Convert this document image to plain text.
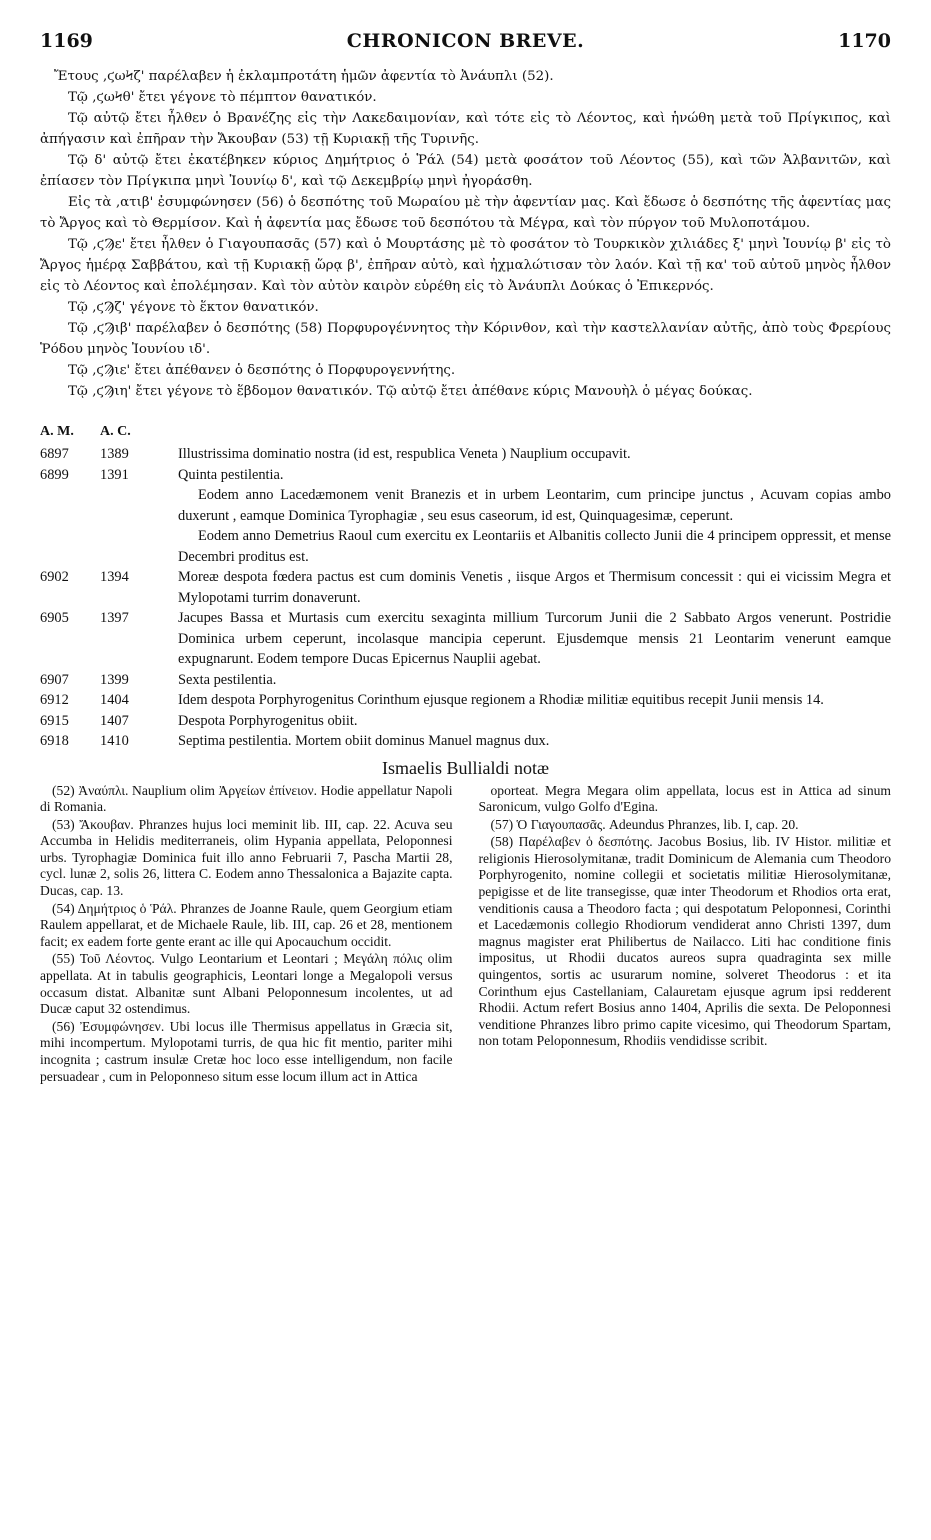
1169	CHRONICON BREVE.	1170

Ἔτους ‚ϛωϞζ' παρέλαβεν ἡ ἐκλαμπροτάτη ἡμῶν ἀφεντία τὸ Ἀνάυπλι (52).

Τῷ ‚ϛωϞθ' ἔτει γέγονε τὸ πέμπτον θανατικόν.

Τῷ αὐτῷ ἔτει ἦλθεν ὁ Βρανέζης εἰς τὴν Λακεδαιμονίαν, καὶ τότε εἰς τὸ Λέοντος, καὶ ἡνώθη μετὰ τοῦ Πρίγκιπος, καὶ ἀπήγασιν καὶ ἐπῆραν τὴν Ἄκουβαν (53) τῇ Κυριακῇ τῆς Τυρινῆς.

Τῷ δ' αὐτῷ ἔτει ἐκατέβηκεν κύριος Δημήτριος ὁ Ῥάλ (54) μετὰ φοσάτον τοῦ Λέοντος (55), καὶ τῶν Ἀλβανιτῶν, καὶ ἐπίασεν τὸν Πρίγκιπα μηνὶ Ἰουνίῳ δ', καὶ τῷ Δεκεμβρίῳ μηνὶ ἠγοράσθη.

Εἰς τὰ ‚ατιβ' ἐσυμφώνησεν (56) ὁ δεσπότης τοῦ Μωραίου μὲ τὴν ἀφεντίαν μας. Καὶ ἔδωσε ὁ δεσπότης τῆς ἀφεντίας μας τὸ Ἄργος καὶ τὸ Θερμίσον. Καὶ ἡ ἀφεντία μας ἔδωσε τοῦ δεσπότου τὰ Μέγρα, καὶ τὸν πύργον τοῦ Μυλοποτάμου.

Τῷ ‚ϛϠε' ἔτει ἦλθεν ὁ Γιαγουπασᾶς (57) καὶ ὁ Μουρτάσης μὲ τὸ φοσάτον τὸ Τουρκικὸν χιλιάδες ξ' μηνὶ Ἰουνίῳ β' εἰς τὸ Ἄργος ἡμέρᾳ Σαββάτου, καὶ τῇ Κυριακῇ ὥρᾳ β', ἐπῆραν αὐτὸ, καὶ ἠχμαλώτισαν τὸν λαόν. Καὶ τῇ κα' τοῦ αὐτοῦ μηνὸς ἦλθον εἰς τὸ Λέοντος καὶ ἐπολέμησαν. Καὶ τὸν αὐτὸν καιρὸν εὑρέθη εἰς τὸ Ἀνάυπλι Δούκας ὁ Ἐπικερνός.

Τῷ ‚ϛϠζ' γέγονε τὸ ἕκτον θανατικόν.

Τῷ ‚ϛϠιβ' παρέλαβεν ὁ δεσπότης (58) Πορφυρογέννητος τὴν Κόρινθον, καὶ τὴν καστελλανίαν αὐτῆς, ἀπὸ τοὺς Φρερίους Ῥόδου μηνὸς Ἰουνίου ιδ'.

Τῷ ‚ϛϠιε' ἔτει ἀπέθανεν ὁ δεσπότης ὁ Πορφυρογεννήτης.

Τῷ ‚ϛϠιη' ἔτει γέγονε τὸ ἕβδομον θανατικόν. Τῷ αὐτῷ ἔτει ἀπέθανε κύρις Μανουὴλ ὁ μέγας δούκας.

A. M.	A. C.
6897	1389	Illustrissima dominatio nostra (id est, respublica Veneta ) Nauplium occupavit.

6899	1391	Quinta pestilentia.

Eodem anno Lacedæmonem venit Branezis et in urbem Leontarim, cum principe junctus , Acuvam copias ambo duxerunt , eamque Dominica Tyrophagiæ , seu esus caseorum, id est, Quinquagesimæ, ceperunt.

Eodem anno Demetrius Raoul cum exercitu ex Leontariis et Albanitis collecto Junii die 4 principem oppressit, et mense Decembri proditus est.

6902	1394	Moreæ despota fœdera pactus est cum dominis Venetis , iisque Argos et Thermisum concessit : qui ei vicissim Megra et Mylopotami turrim donaverunt.

6905	1397	Jacupes Bassa et Murtasis cum exercitu sexaginta millium Turcorum Junii die 2 Sabbato Argos venerunt. Postridie Dominica urbem ceperunt, incolasque mancipia ceperunt. Ejusdemque mensis 21 Leontarim venerunt eamque expugnarunt. Eodem tempore Ducas Epicernus Nauplii agebat.

6907	1399	Sexta pestilentia.

6912	1404	Idem despota Porphyrogenitus Corinthum ejusque regionem a Rhodiæ militiæ equitibus recepit Junii mensis 14.

6915	1407	Despota Porphyrogenitus obiit.

6918	1410	Septima pestilentia. Mortem obiit dominus Manuel magnus dux.

Ismaelis Bullialdi notæ

(52) Ἀναύπλι. Nauplium olim Ἀργείων ἐπίνειον. Hodie appellatur Napoli di Romania.

(53) Ἄκουβαν. Phranzes hujus loci meminit lib. III, cap. 22. Acuva seu Accumba in Helidis mediterraneis, olim Hypania appellata, Peloponnesi urbs. Tyrophagiæ Dominica fuit illo anno Februarii 7, Pascha Martii 28, cycl. lunæ 2, solis 26, littera C. Eodem anno Thessalonica a Bajazite capta. Ducas, cap. 13.

(54) Δημήτριος ὁ Ῥάλ. Phranzes de Joanne Raule, quem Georgium etiam Raulem appellarat, et de Michaele Raule, lib. III, cap. 26 et 28, mentionem facit; ex eadem forte gente erant ac ille qui Apocauchum occidit.

(55) Τοῦ Λέοντος. Vulgo Leontarium et Leontari ; Μεγάλη πόλις olim appellata. At in tabulis geographicis, Leontari longe a Megalopoli versus occasum distat. Albanitæ sunt Albani Peloponnesum incolentes, ut ad Ducæ caput 32 ostendimus.

(56) Ἐσυμφώνησεν. Ubi locus ille Thermisus appellatus in Græcia sit, mihi incompertum. Mylopotami turris, de qua hic fit mentio, pariter mihi incognita ; castrum insulæ Cretæ hoc loco esse intelligendum, non facile persuadear , cum in Peloponneso situm esse locum illum act in Attica

oporteat. Megra Megara olim appellata, locus est in Attica ad sinum Saronicum, vulgo Golfo d'Egina.

(57) Ὁ Γιαγουπασᾶς. Adeundus Phranzes, lib. I, cap. 20.

(58) Παρέλαβεν ὁ δεσπότης. Jacobus Bosius, lib. IV Histor. militiæ et religionis Hierosolymitanæ, tradit Dominicum de Alemania cum Theodoro Porphyrogenito, nomine collegii et societatis militiæ Hierosolymitanæ, pepigisse et de lite transegisse, quæ inter Theodorum et Rhodios orta erat, venditionis causa a Theodoro facta ; qui despotatum Peloponnesi, Corinthi et Lacedæmonis collegio Rhodiorum vendiderat anno Christi 1397, dum magnus magister erat Philibertus de Nailacco. Liti hac conditione finis impositus, ut Rhodii ducatos aureos supra quadraginta sex mille quingentos, sortis ac usurarum nomine, solveret Theodorus : et ita Corinthum ejus Castellaniam, Calauretam ejusque agrum ipsi redderent Rhodii. Actum refert Bosius anno 1404, Aprilis die sexta. De Peloponnesi venditione Phranzes libro primo capite vicesimo, qui Theodorum Spartam, non totam Peloponnesum, Rhodiis vendidisse scribit.
